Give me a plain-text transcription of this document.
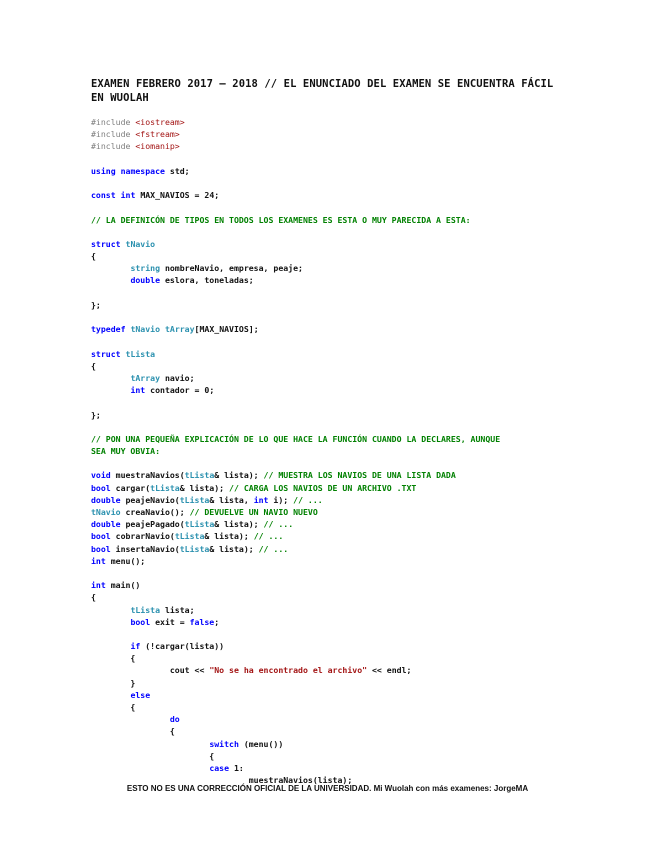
EXAMEN FEBRERO 2017 – 2018 // EL ENUNCIADO DEL EXAMEN SE ENCUENTRA FÁCIL EN WUOLAH
#include <iostream>
#include <fstream>
#include <iomanip>
using namespace std;
const int MAX_NAVIOS = 24;
// LA DEFINICÓN DE TIPOS EN TODOS LOS EXAMENES ES ESTA O MUY PARECIDA A ESTA:
struct tNavio
{
string nombreNavio, empresa, peaje;
double eslora, toneladas;
};
typedef tNavio tArray[MAX_NAVIOS];
struct tLista
{
tArray navio;
int contador = 0;
};
// PON UNA PEQUEÑA EXPLICACIÓN DE LO QUE HACE LA FUNCIÓN CUANDO LA DECLARES, AUNQUE
SEA MUY OBVIA:
void muestraNavios(tLista& lista); // MUESTRA LOS NAVIOS DE UNA LISTA DADA
bool cargar(tLista& lista); // CARGA LOS NAVIOS DE UN ARCHIVO .TXT
double peajeNavio(tLista& lista, int i); // ...
tNavio creaNavio(); // DEVUELVE UN NAVIO NUEVO
double peajePagado(tLista& lista); // ...
bool cobrarNavio(tLista& lista); // ...
bool insertaNavio(tLista& lista); // ...
int menu();
int main()
{
tLista lista;
bool exit = false;
if (!cargar(lista))
{
cout << "No se ha encontrado el archivo" << endl;
}
else
{
do
{
switch (menu())
{
case 1:
muestraNavios(lista);
ESTO NO ES UNA CORRECCIÓN OFICIAL DE LA UNIVERSIDAD. Mi Wuolah con más examenes: JorgeMA
